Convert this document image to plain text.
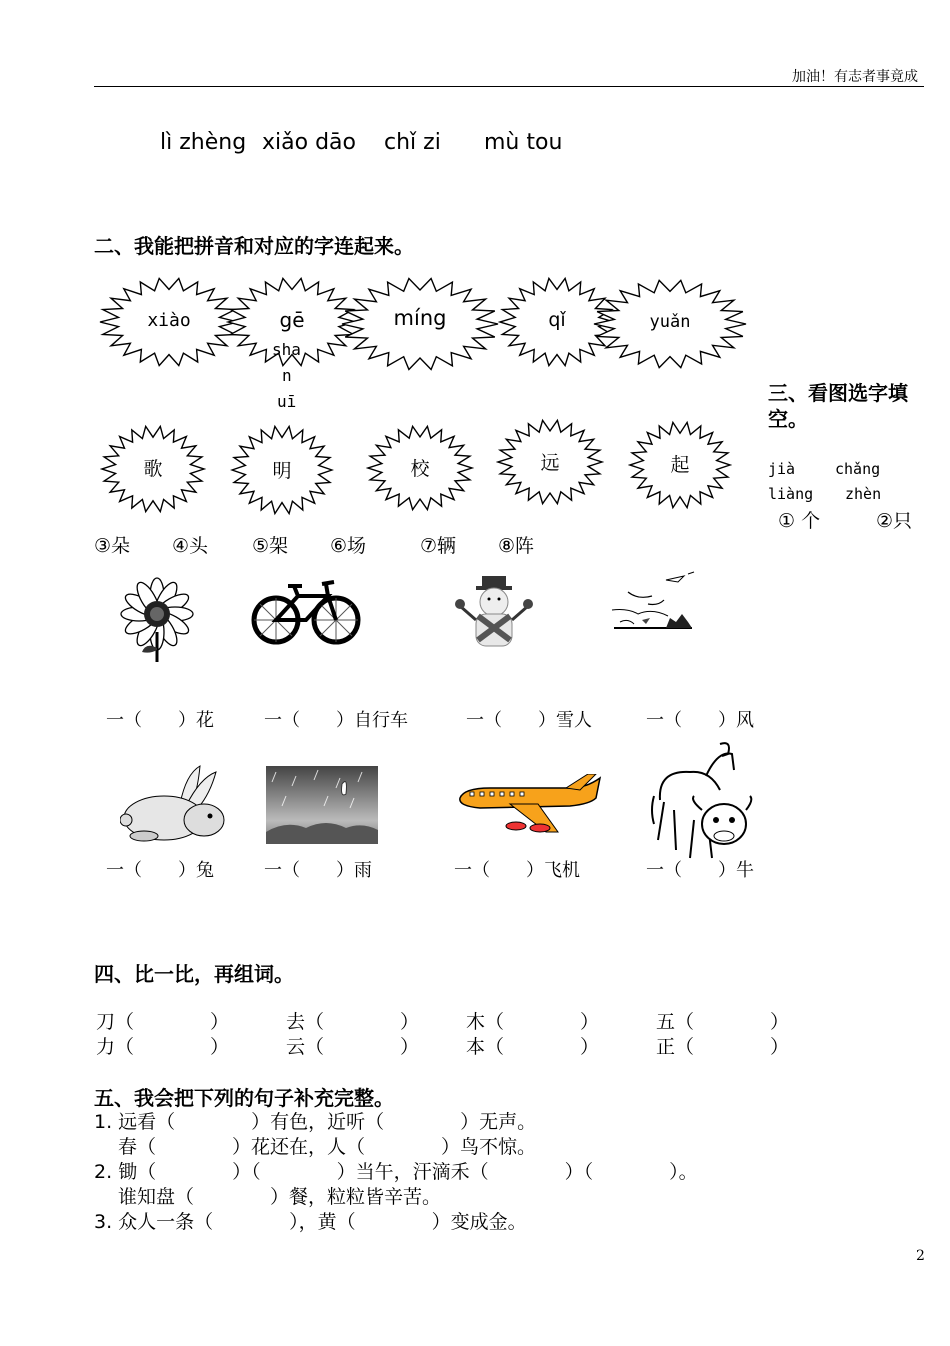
加油！有志者事竟成
lì zhèng xiǎo dāo chǐ zi mù tou
二、我能把拼音和对应的字连起来。
xiào	gē	míng	qǐ	yuǎn
sha
n
uī
歌	明	校	远	起
三、看图选字填空。
jià	chǎng
liàng zhèn
① 个	②只
③朵 ④头 ⑤架 ⑥场	⑦辆 ⑧阵
一（　　）花	一（　　）自行车	一（　　）雪人	一（　　）风
一（　　）兔	一（　　）雨	一（　　）飞机	一（　　）牛
四、比一比，再组词。
刀（　　　　）	去（　　　　） 木（　　　　）	五（　　　　）
力（　　　　）	云（　　　　） 本（　　　　）	正（　　　　）
五、我会把下列的句子补充完整。
1. 远看（　　　　）有色，近听（　　　　）无声。
春（　　　　）花还在，人（　　　　）鸟不惊。
2. 锄（　　　　）（　　　　）当午，汗滴禾（　　　　）（　　　　）。
谁知盘（　　　　）餐，粒粒皆辛苦。
3. 众人一条（　　　　），黄（　　　　）变成金。
2
